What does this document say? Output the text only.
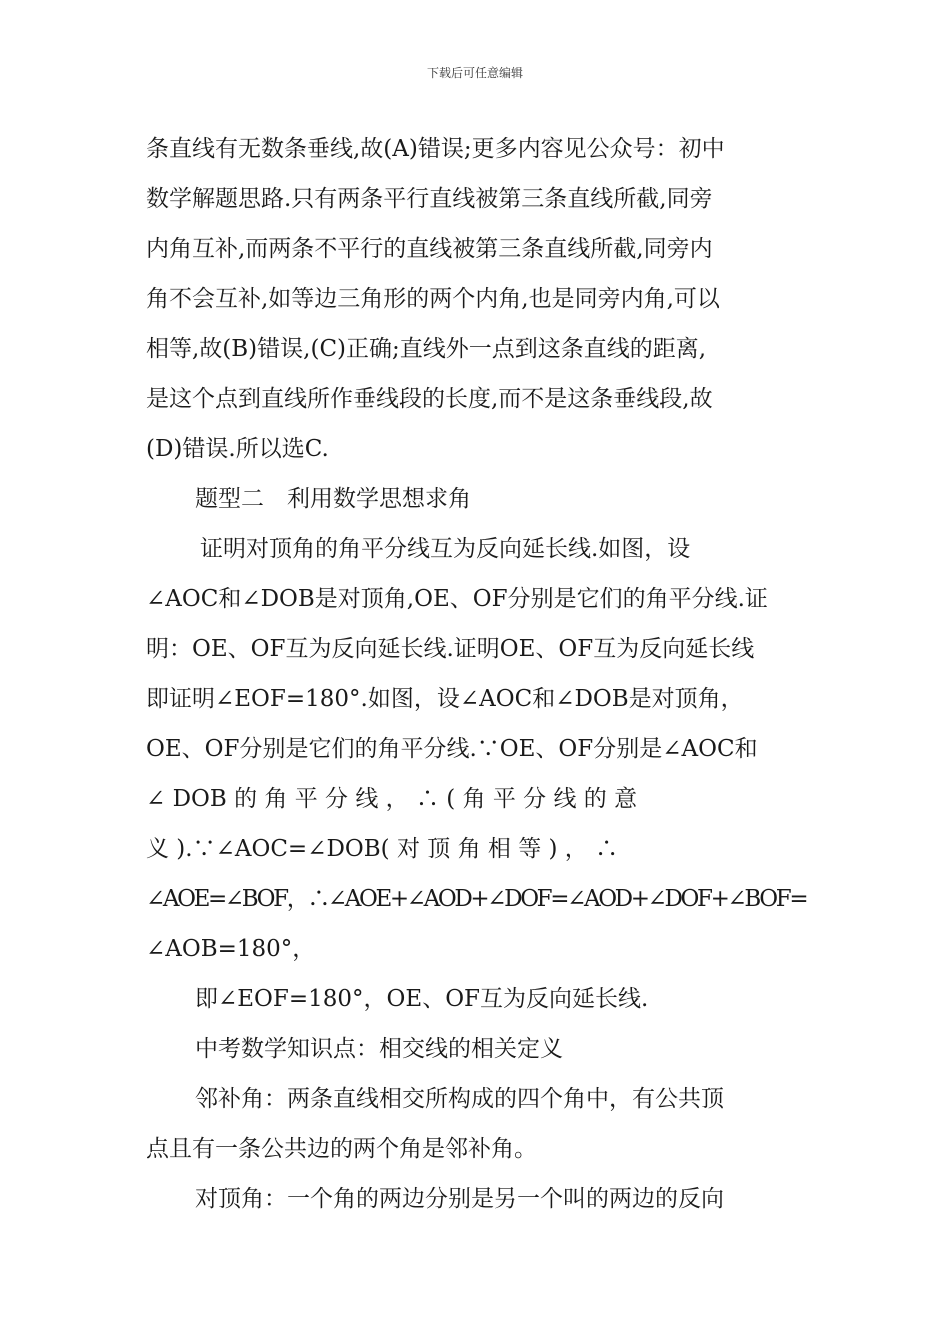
下载后可任意编辑
条直线有无数条垂线,故(A)错误;更多内容见公众号：初中
数学解题思路.只有两条平行直线被第三条直线所截,同旁
内角互补,而两条不平行的直线被第三条直线所截,同旁内
角不会互补,如等边三角形的两个内角,也是同旁内角,可以
相等,故(B)错误,(C)正确;直线外一点到这条直线的距离,
是这个点到直线所作垂线段的长度,而不是这条垂线段,故
(D)错误.所以选C.
题型二　利用数学思想求角
证明对顶角的角平分线互为反向延长线.如图，设
∠AOC和∠DOB是对顶角,OE、OF分别是它们的角平分线.证
明：OE、OF互为反向延长线.证明OE、OF互为反向延长线
即证明∠EOF=180°.如图，设∠AOC和∠DOB是对顶角，
OE、OF分别是它们的角平分线.∵OE、OF分别是∠AOC和
∠ DOB 的 角 平 分 线 ， ∴ ( 角 平 分 线 的 意
义 ).∵∠AOC=∠DOB( 对 顶 角 相 等 ) ， ∴
∠AOE=∠BOF，∴∠AOE+∠AOD+∠DOF=∠AOD+∠DOF+∠BOF=
∠AOB=180°，
即∠EOF=180°，OE、OF互为反向延长线.
中考数学知识点：相交线的相关定义
邻补角：两条直线相交所构成的四个角中，有公共顶
点且有一条公共边的两个角是邻补角。
对顶角：一个角的两边分别是另一个叫的两边的反向
